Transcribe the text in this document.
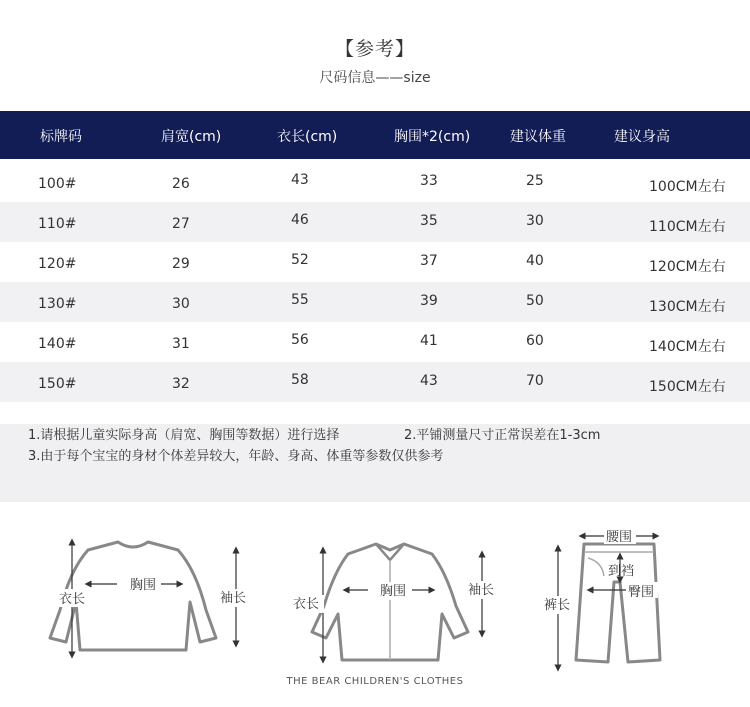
【参考】
尺码信息——size
标牌码	肩宽(cm)	衣长(cm)	胸围*2(cm)	建议体重	建议身高
100#	26	43	33	25	100CM左右
110#	27	46	35	30	110CM左右
120#	29	52	37	40	120CM左右
130#	30	55	39	50	130CM左右
140#	31	56	41	60	140CM左右
150#	32	58	43	70	150CM左右
1.请根据儿童实际身高（肩宽、胸围等数据）进行选择	2.平铺测量尺寸正常误差在1-3cm
3.由于每个宝宝的身材个体差异较大，年龄、身高、体重等参数仅供参考
衣长
胸围
袖长	衣长
胸围	袖长
腰围
到裆
臀围
裤长
THE BEAR CHILDREN'S CLOTHES
